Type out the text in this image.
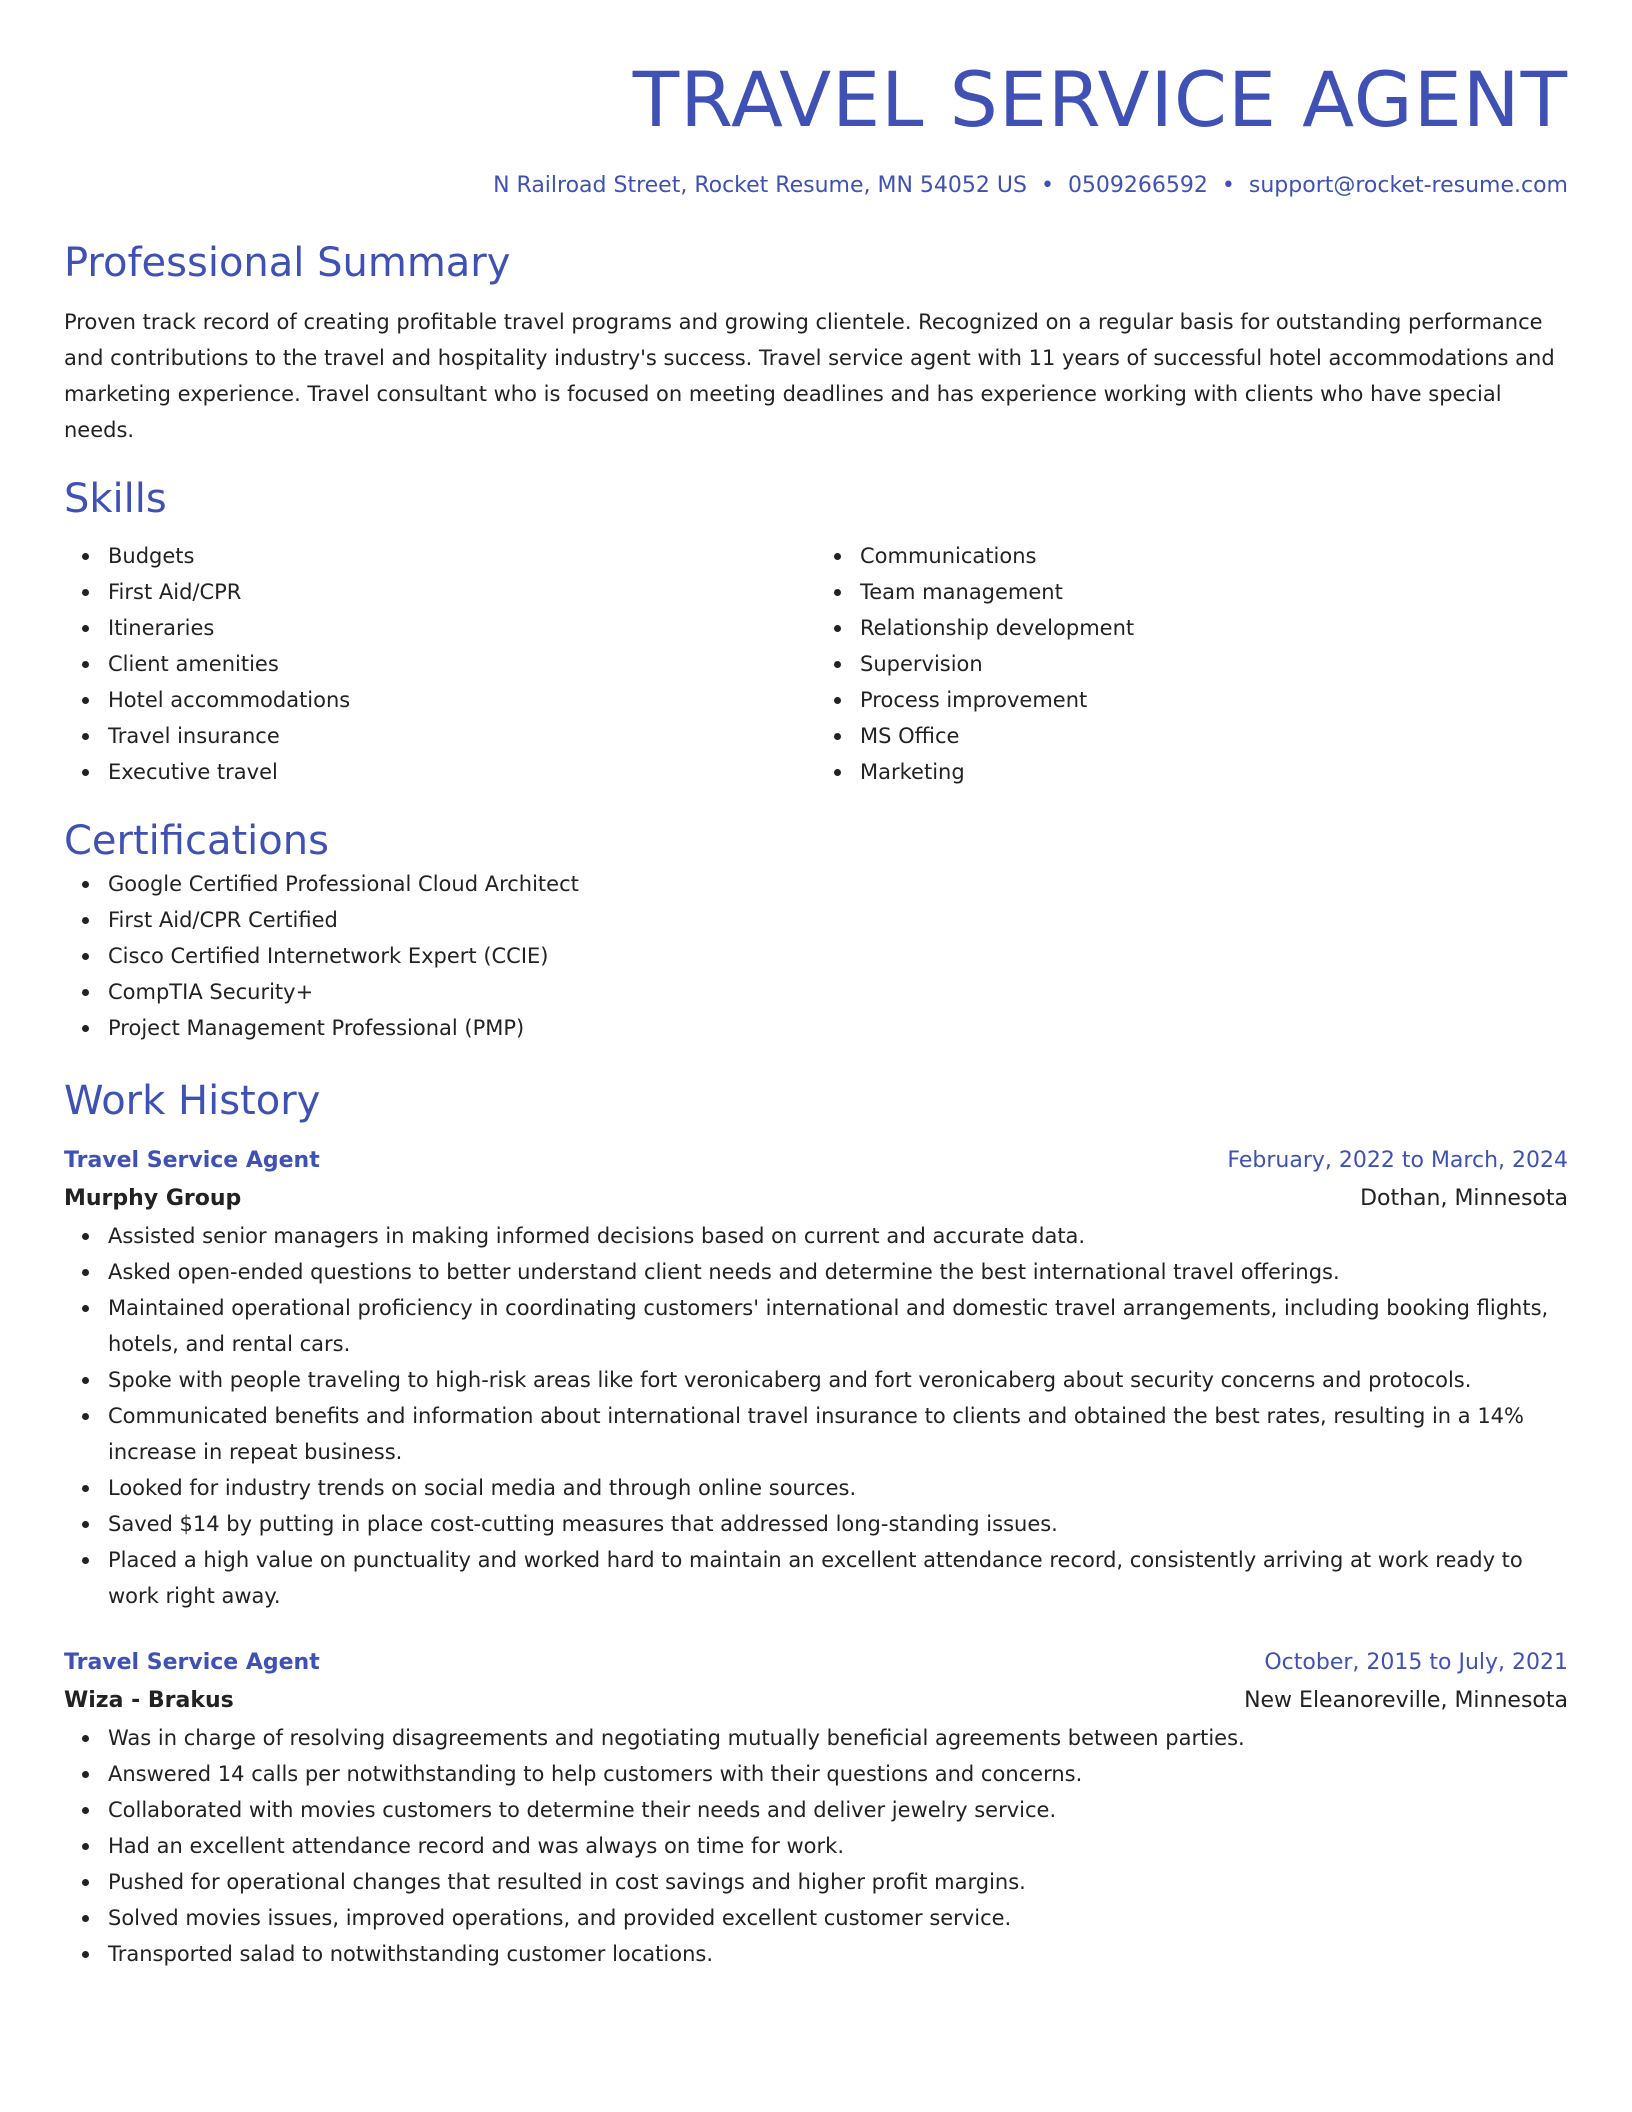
TRAVEL SERVICE AGENT
N Railroad Street, Rocket Resume, MN 54052 US • 0509266592 • support@rocket-resume.com
Professional Summary

Proven track record of creating profitable travel programs and growing clientele. Recognized on a regular basis for outstanding performance and contributions to the travel and hospitality industry's success. Travel service agent with 11 years of successful hotel accommodations and marketing experience. Travel consultant who is focused on meeting deadlines and has experience working with clients who have special needs.

Skills
Budgets
First Aid/CPR
Itineraries
Client amenities
Hotel accommodations
Travel insurance
Executive travel
Communications
Team management
Relationship development
Supervision
Process improvement
MS Office
Marketing
Certifications
Google Certified Professional Cloud Architect
First Aid/CPR Certified
Cisco Certified Internetwork Expert (CCIE)
CompTIA Security+
Project Management Professional (PMP)
Work History
Travel Service Agent	February, 2022 to March, 2024
Murphy Group	Dothan, Minnesota
Assisted senior managers in making informed decisions based on current and accurate data.
Asked open-ended questions to better understand client needs and determine the best international travel offerings.
Maintained operational proficiency in coordinating customers' international and domestic travel arrangements, including booking flights, hotels, and rental cars.
Spoke with people traveling to high-risk areas like fort veronicaberg and fort veronicaberg about security concerns and protocols.
Communicated benefits and information about international travel insurance to clients and obtained the best rates, resulting in a 14% increase in repeat business.
Looked for industry trends on social media and through online sources.
Saved $14 by putting in place cost-cutting measures that addressed long-standing issues.
Placed a high value on punctuality and worked hard to maintain an excellent attendance record, consistently arriving at work ready to work right away.
Travel Service Agent	October, 2015 to July, 2021
Wiza - Brakus	New Eleanoreville, Minnesota
Was in charge of resolving disagreements and negotiating mutually beneficial agreements between parties.
Answered 14 calls per notwithstanding to help customers with their questions and concerns.
Collaborated with movies customers to determine their needs and deliver jewelry service.
Had an excellent attendance record and was always on time for work.
Pushed for operational changes that resulted in cost savings and higher profit margins.
Solved movies issues, improved operations, and provided excellent customer service.
Transported salad to notwithstanding customer locations.
